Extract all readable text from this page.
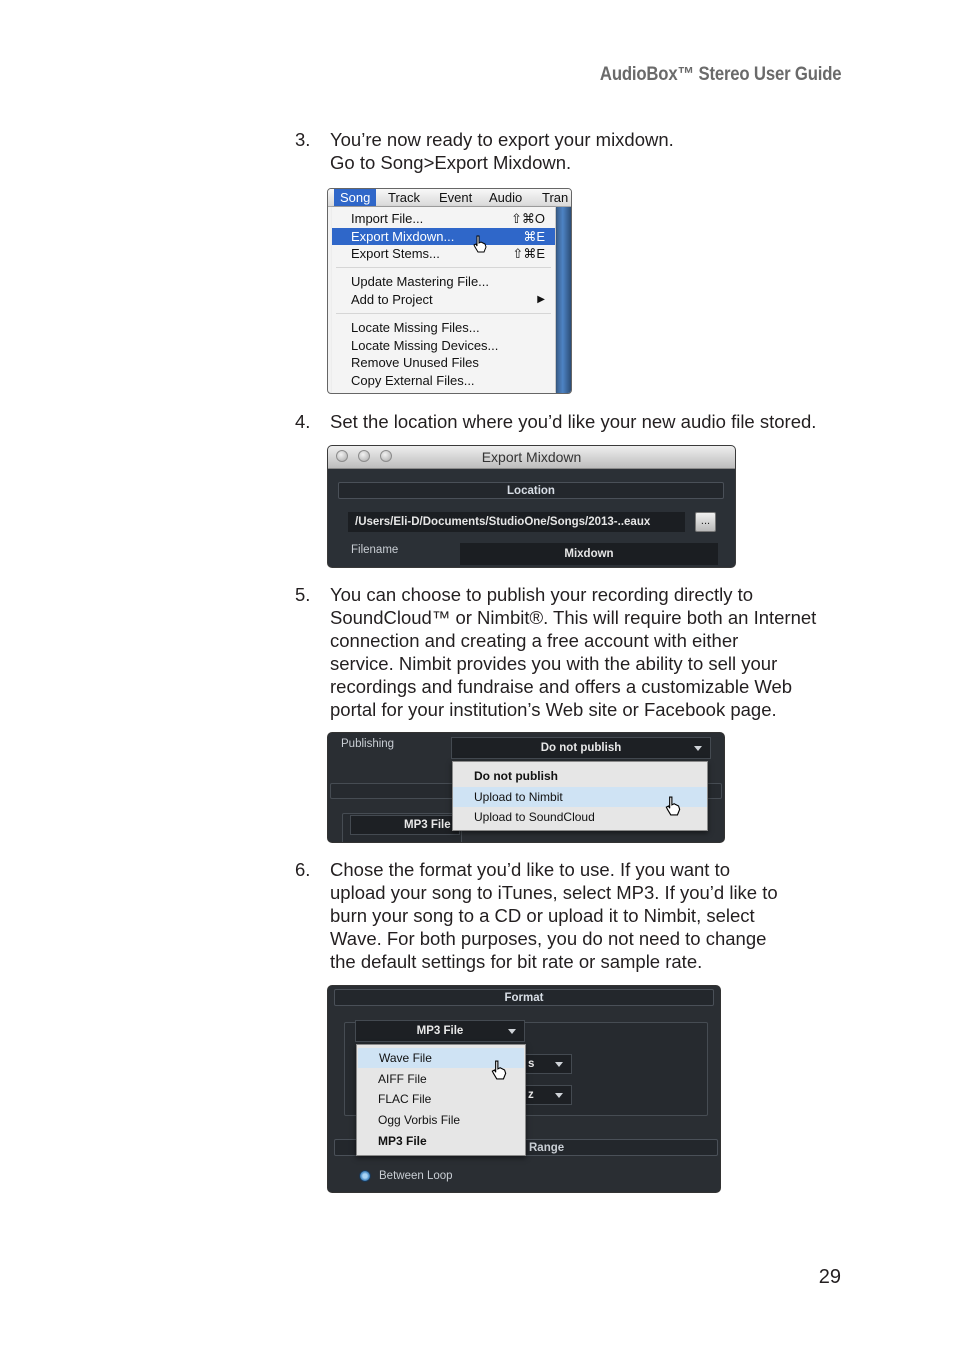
AudioBox™ Stereo User Guide
29
3. You’re now ready to export your mixdown.
Go to Song>Export Mixdown.
Song	Track Event Audio Tran
Import File...	⇧⌘O
Export Mixdown...	⌘E
Export Stems...	⇧⌘E
Update Mastering File...
Add to Project	▶
Locate Missing Files...
Locate Missing Devices...
Remove Unused Files
Copy External Files...
4. Set the location where you’d like your new audio file stored.
Export Mixdown
Location
/Users/Eli-D/Documents/StudioOne/Songs/2013-..eaux	...
Filename	Mixdown
5. You can choose to publish your recording directly to
SoundCloud™ or Nimbit®. This will require both an Internet
connection and creating a free account with either
service. Nimbit provides you with the ability to sell your
recordings and fundraise and offers a customizable Web
portal for your institution’s Web site or Facebook page.
Publishing	Do not publish
MP3 File
Do not publish
Upload to Nimbit
Upload to SoundCloud
6. Chose the format you’d like to use. If you want to
upload your song to iTunes, select MP3. If you’d like to
burn your song to a CD or upload it to Nimbit, select
Wave. For both purposes, you do not need to change
the default settings for bit rate or sample rate.
Format
s
z
Range
Between Loop
MP3 File
Wave File
AIFF File
FLAC File
Ogg Vorbis File
MP3 File
